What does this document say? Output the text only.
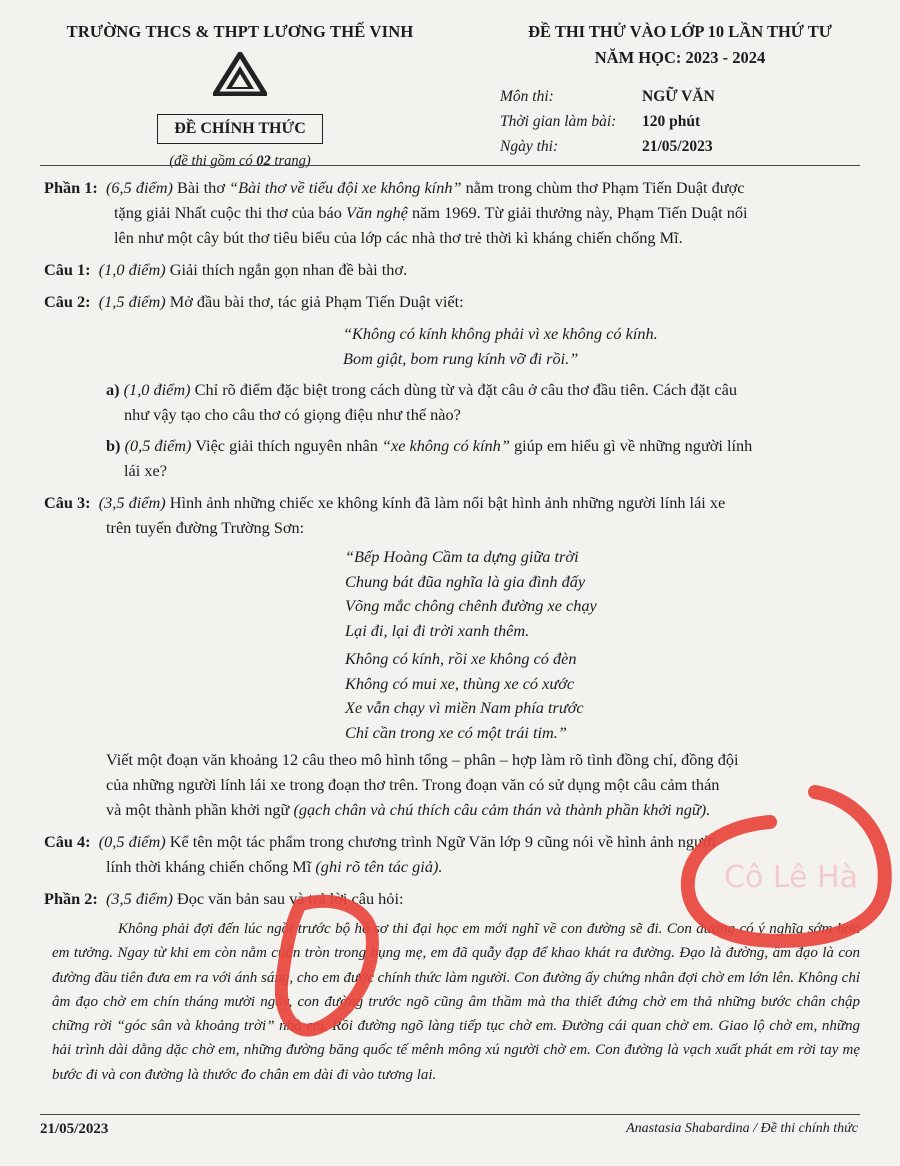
TRƯỜNG THCS & THPT LƯƠNG THẾ VINH
ĐỀ CHÍNH THỨC
(đề thi gồm có 02 trang)
ĐỀ THI THỬ VÀO LỚP 10 LẦN THỨ TƯ
NĂM HỌC: 2023 - 2024
Môn thi:	NGỮ VĂN
Thời gian làm bài:	120 phút
Ngày thi:	21/05/2023
Phần 1: (6,5 điểm) Bài thơ “Bài thơ về tiểu đội xe không kính” nằm trong chùm thơ Phạm Tiến Duật được
tặng giải Nhất cuộc thi thơ của báo Văn nghệ năm 1969. Từ giải thưởng này, Phạm Tiến Duật nổi
lên như một cây bút thơ tiêu biểu của lớp các nhà thơ trẻ thời kì kháng chiến chống Mĩ.
Câu 1: (1,0 điểm) Giải thích ngắn gọn nhan đề bài thơ.
Câu 2: (1,5 điểm) Mở đầu bài thơ, tác giả Phạm Tiến Duật viết:
“Không có kính không phải vì xe không có kính.
Bom giật, bom rung kính vỡ đi rồi.”
a) (1,0 điểm) Chỉ rõ điểm đặc biệt trong cách dùng từ và đặt câu ở câu thơ đầu tiên. Cách đặt câu
như vậy tạo cho câu thơ có giọng điệu như thế nào?
b) (0,5 điểm) Việc giải thích nguyên nhân “xe không có kính” giúp em hiểu gì về những người lính
lái xe?
Câu 3: (3,5 điểm) Hình ảnh những chiếc xe không kính đã làm nổi bật hình ảnh những người lính lái xe
trên tuyến đường Trường Sơn:
“Bếp Hoàng Cầm ta dựng giữa trời
Chung bát đũa nghĩa là gia đình đấy
Võng mắc chông chênh đường xe chạy
Lại đi, lại đi trời xanh thêm.
Không có kính, rồi xe không có đèn
Không có mui xe, thùng xe có xước
Xe vẫn chạy vì miền Nam phía trước
Chỉ cần trong xe có một trái tim.”
Viết một đoạn văn khoảng 12 câu theo mô hình tổng – phân – hợp làm rõ tình đồng chí, đồng đội
của những người lính lái xe trong đoạn thơ trên. Trong đoạn văn có sử dụng một câu cảm thán
và một thành phần khởi ngữ (gạch chân và chú thích câu cảm thán và thành phần khởi ngữ).
Câu 4: (0,5 điểm) Kể tên một tác phẩm trong chương trình Ngữ Văn lớp 9 cũng nói về hình ảnh người
lính thời kháng chiến chống Mĩ (ghi rõ tên tác giả).
Phần 2: (3,5 điểm) Đọc văn bản sau và trả lời câu hỏi:
Không phải đợi đến lúc ngồi trước bộ hồ sơ thi đại học em mới nghĩ về con đường sẽ đi. Con đường có ý nghĩa sớm hơn em tưởng. Ngay từ khi em còn nằm cuộn tròn trong bụng mẹ, em đã quẫy đạp để khao khát ra đường. Đạo là đường, âm đạo là con đường đầu tiên đưa em ra với ánh sáng, cho em được chính thức làm người. Con đường ấy chứng nhân đợi chờ em lớn lên. Không chỉ âm đạo chờ em chín tháng mười ngày, con đường trước ngõ cũng âm thầm mà tha thiết đứng chờ em thả những bước chân chập chững rời “góc sân và khoảng trời” nhà em. Rồi đường ngõ làng tiếp tục chờ em. Đường cái quan chờ em. Giao lộ chờ em, những hải trình dài dằng dặc chờ em, những đường băng quốc tế mênh mông xú người chờ em. Con đường là vạch xuất phát em rời tay mẹ bước đi và con đường là thước đo chân em dài đi vào tương lai.
21/05/2023	Anastasia Shabardina / Đề thi chính thức
Cô Lê Hà
